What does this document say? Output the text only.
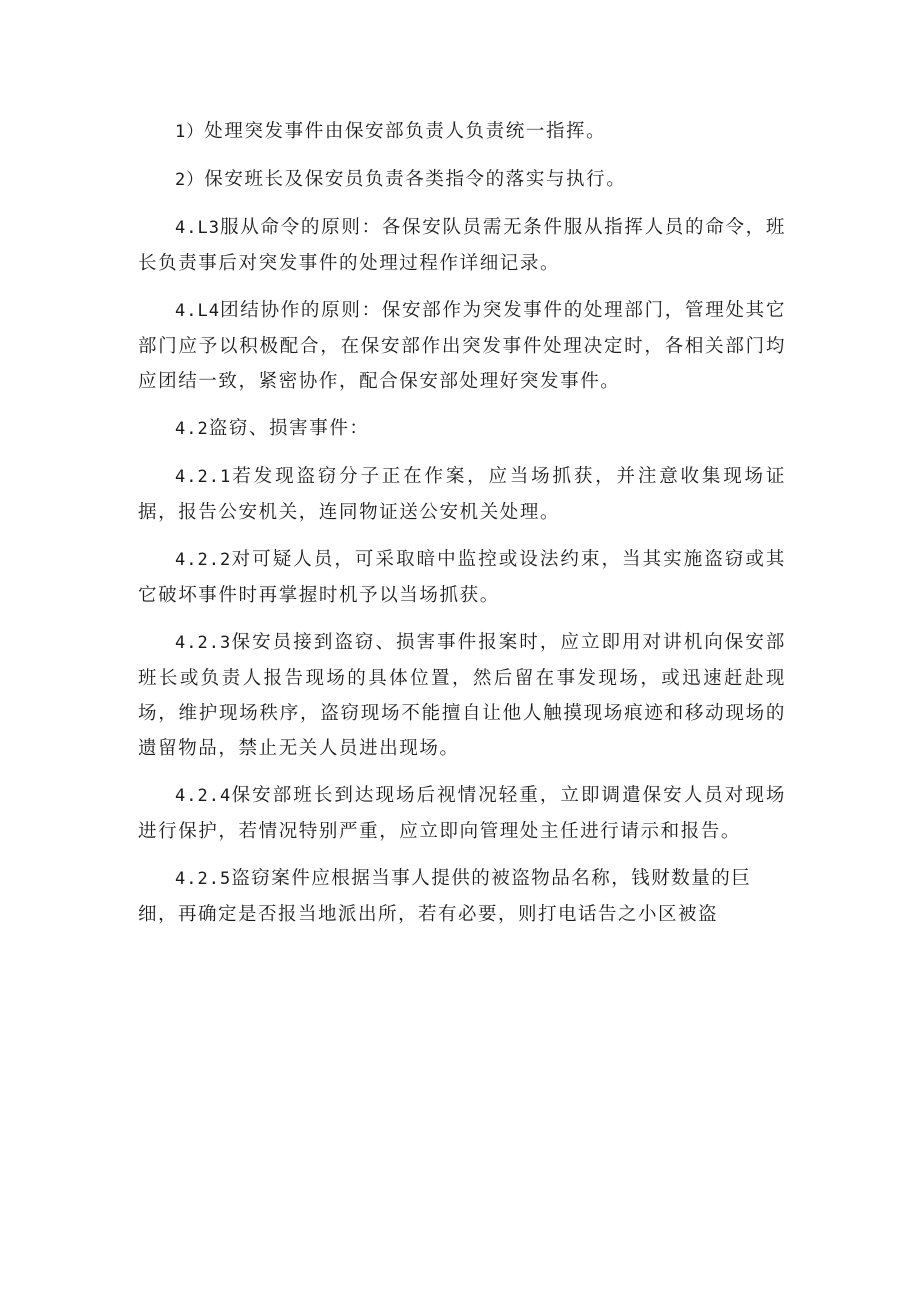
1）处理突发事件由保安部负责人负责统一指挥。

2）保安班长及保安员负责各类指令的落实与执行。

4.L3服从命令的原则：各保安队员需无条件服从指挥人员的命令，班长负责事后对突发事件的处理过程作详细记录。

4.L4团结协作的原则：保安部作为突发事件的处理部门，管理处其它部门应予以积极配合，在保安部作出突发事件处理决定时，各相关部门均应团结一致，紧密协作，配合保安部处理好突发事件。

4.2盗窃、损害事件：

4.2.1若发现盗窃分子正在作案，应当场抓获，并注意收集现场证据，报告公安机关，连同物证送公安机关处理。

4.2.2对可疑人员，可采取暗中监控或设法约束，当其实施盗窃或其它破坏事件时再掌握时机予以当场抓获。

4.2.3保安员接到盗窃、损害事件报案时，应立即用对讲机向保安部班长或负责人报告现场的具体位置，然后留在事发现场，或迅速赶赴现场，维护现场秩序，盗窃现场不能擅自让他人触摸现场痕迹和移动现场的遗留物品，禁止无关人员进出现场。

4.2.4保安部班长到达现场后视情况轻重，立即调遣保安人员对现场进行保护，若情况特别严重，应立即向管理处主任进行请示和报告。

4.2.5盗窃案件应根据当事人提供的被盗物品名称，钱财数量的巨细，再确定是否报当地派出所，若有必要，则打电话告之小区被盗
